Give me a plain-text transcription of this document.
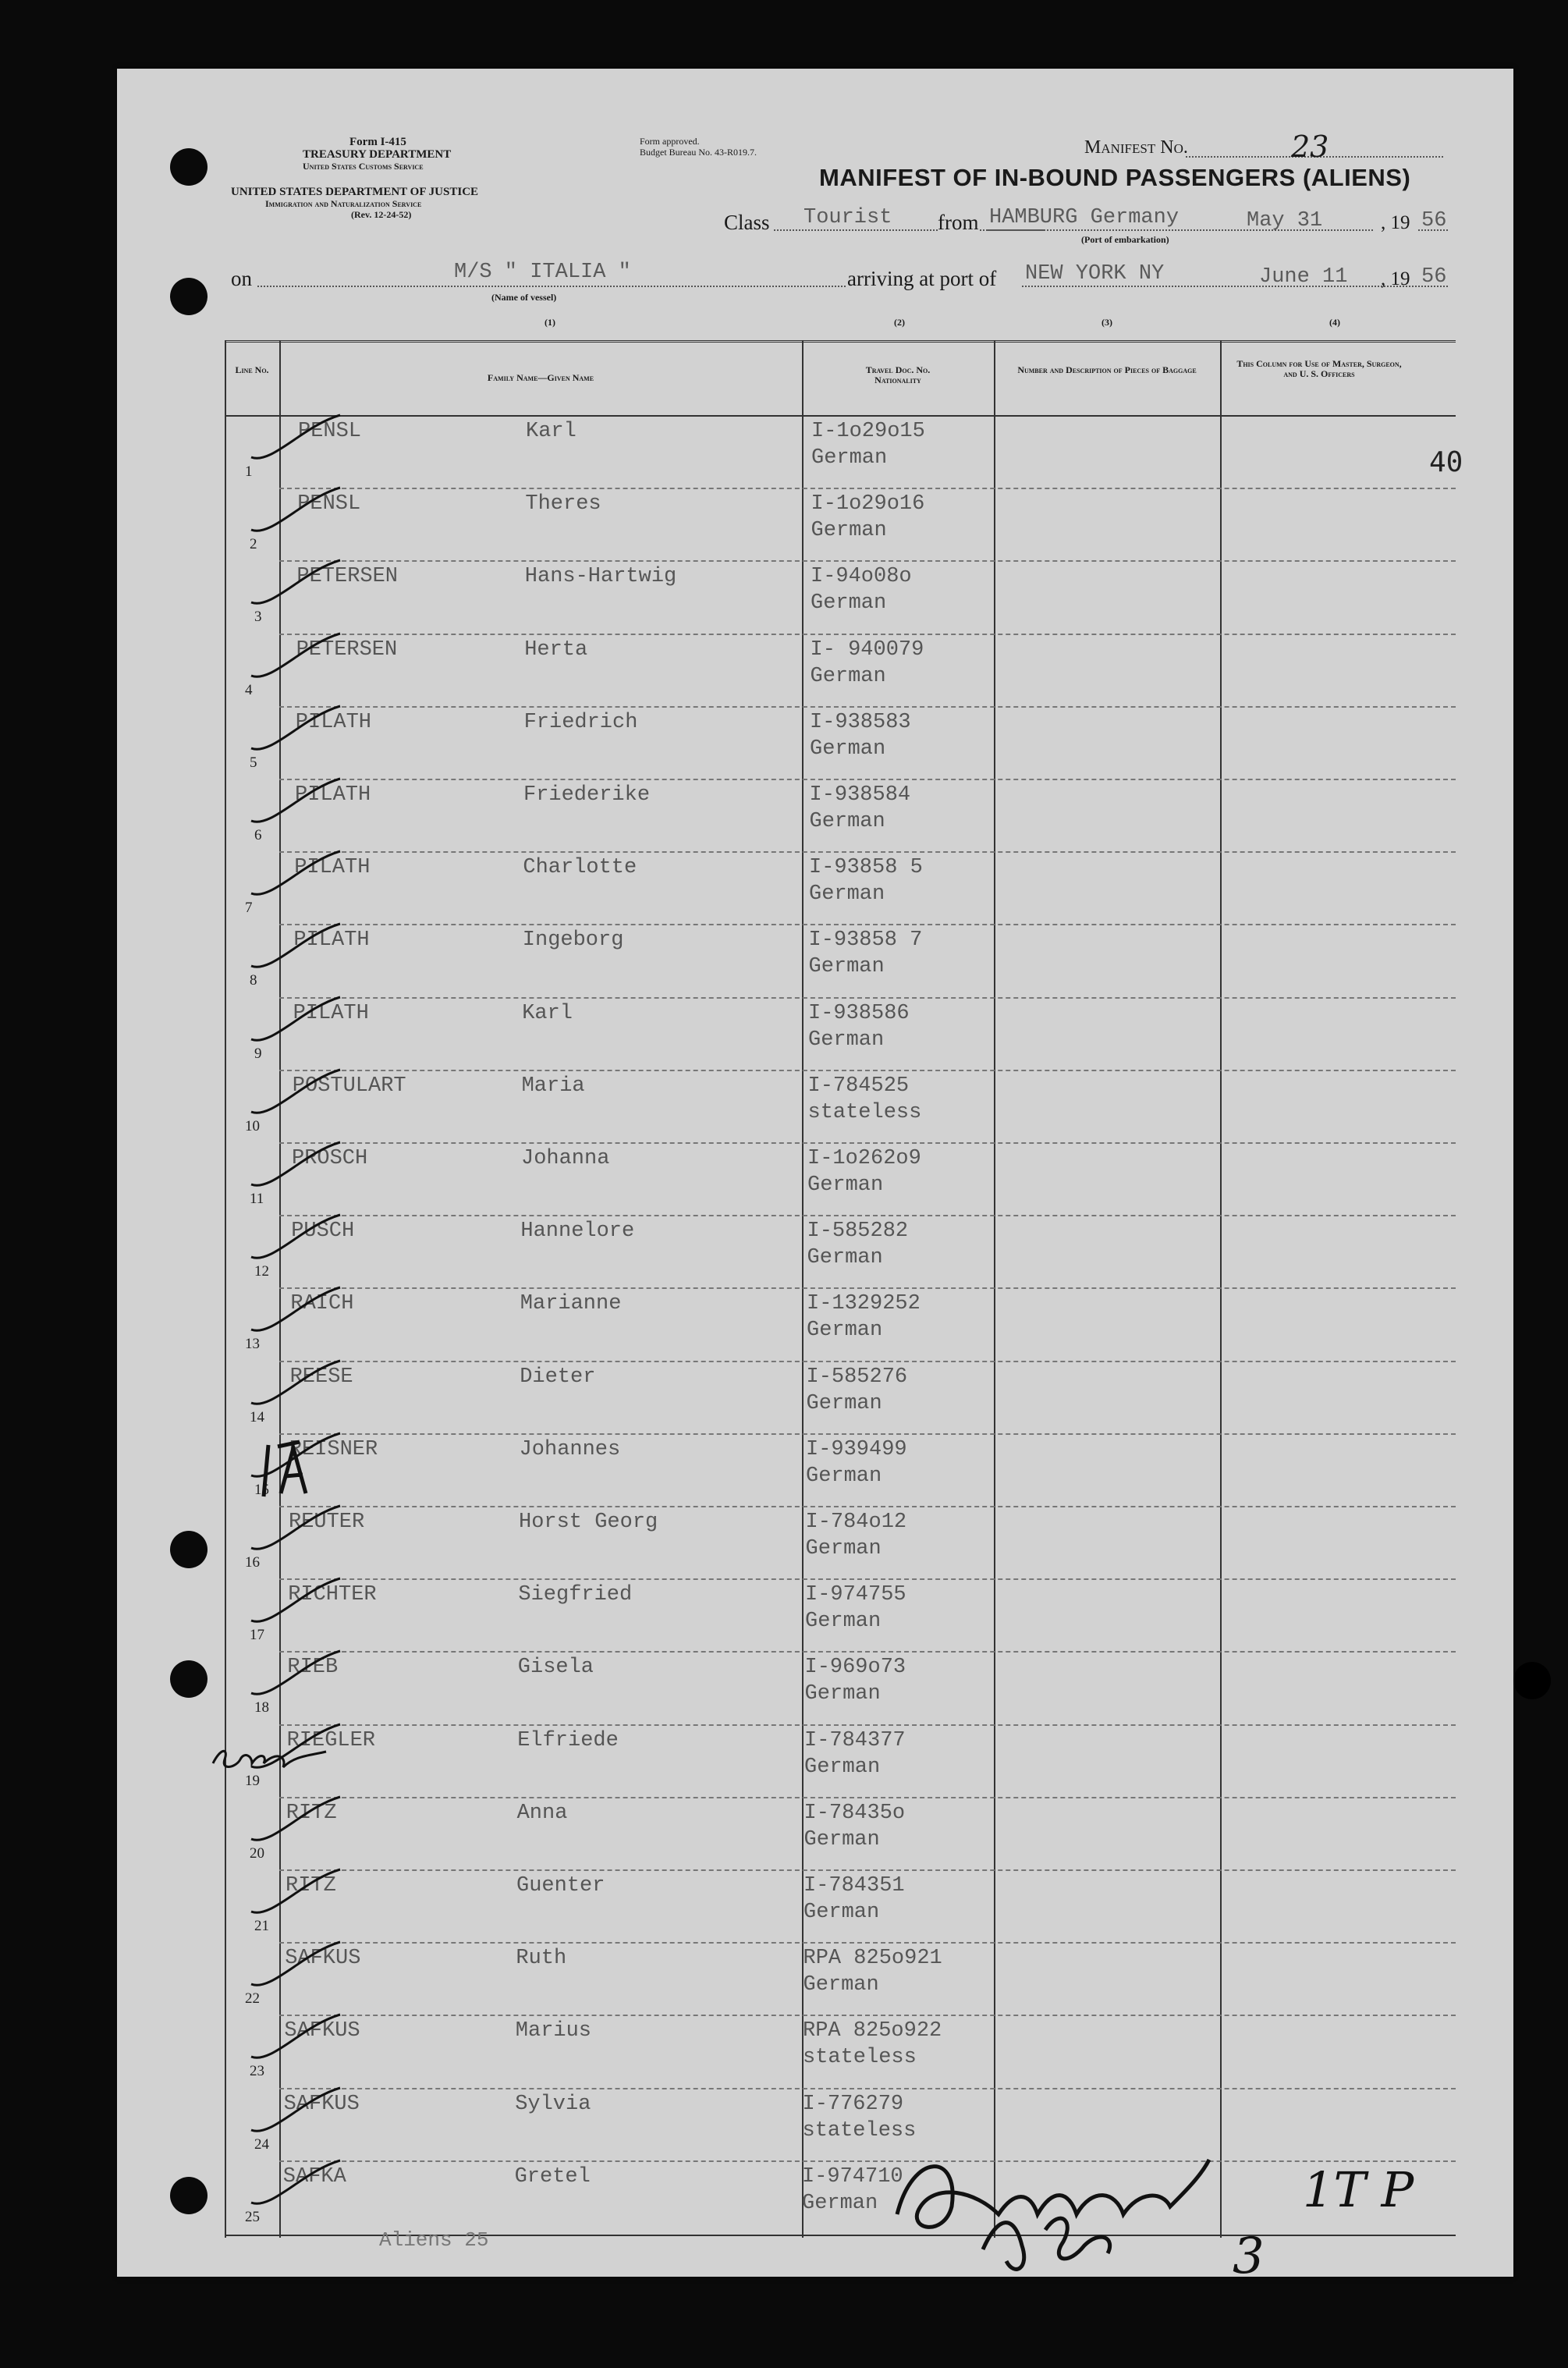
Form I-415
TREASURY DEPARTMENT
United States Customs Service
UNITED STATES DEPARTMENT OF JUSTICE
Immigration and Naturalization Service
(Rev. 12-24-52)
Form approved.
Budget Bureau No. 43-R019.7.	Manifest No.	23
MANIFEST OF IN-BOUND PASSENGERS (ALIENS)
Class Tourist from HAMBURG Germany	May 31	, 19 56
(Port of embarkation)
on	M/S " ITALIA "
(Name of vessel)
arriving at port of NEW YORK NY	June 11 , 19 56
(1)	(2)	(3)	(4)
Line No.
Family Name—Given Name
Travel Doc. No. Nationality
Number and Description of Pieces of Baggage
This Column for Use of Master, Surgeon, and U. S. Officers
1
PENSL	Karl	I-1o29o15
German
2
PENSL	Theres	I-1o29o16
German
3
PETERSEN	Hans-Hartwig	I-94o08o
German
4
PETERSEN	Herta	I- 940079
German
5
PILATH	Friedrich	I-938583
German
6
PILATH	Friederike	I-938584
German
7
PILATH	Charlotte	I-93858 5
German
8
PILATH	Ingeborg	I-93858 7
German
9
PILATH	Karl	I-938586
German
10
POSTULART	Maria	I-784525
stateless
11
PROSCH	Johanna	I-1o262o9
German
12
PUSCH	Hannelore	I-585282
German
13
RAICH	Marianne	I-1329252
German
14
REESE	Dieter	I-585276
German
15
REISNER	Johannes	I-939499
German
16
REUTER	Horst Georg	I-784o12
German
17
RICHTER	Siegfried	I-974755
German
18
RIEB	Gisela	I-969o73
German
19
RIEGLER	Elfriede	I-784377
German
20
RITZ	Anna	I-78435o
German
21
RITZ	Guenter	I-784351
German
22
SAFKUS	Ruth	RPA 825o921
German
23
SAFKUS	Marius	RPA 825o922
stateless
24
SAFKUS	Sylvia	I-776279
stateless
25
SAFKA	Gretel	I-974710
German
40
Aliens 25	3
1T P
